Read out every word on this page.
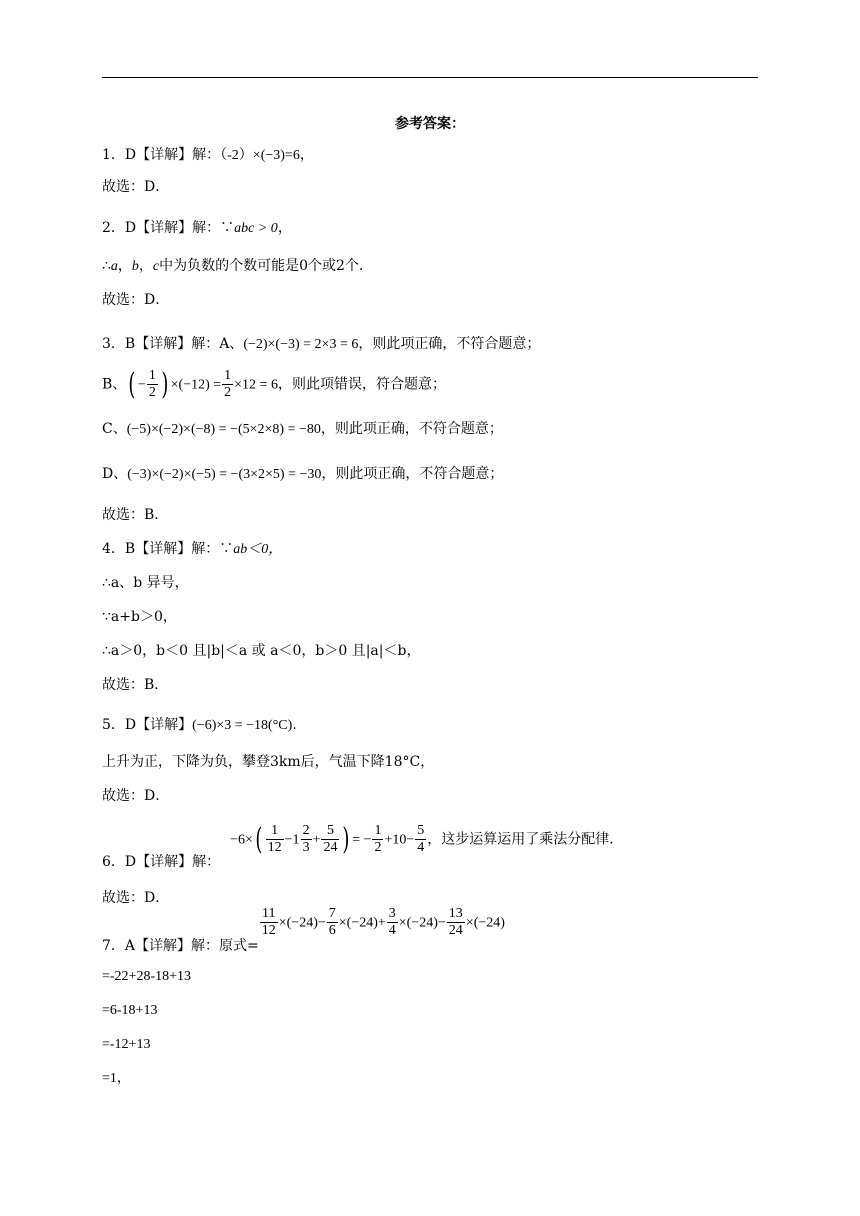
参考答案：
1．D【详解】解：（-2）×(−3)=6，
故选：D．
2．D【详解】解：∵abc > 0，
∴a，b，c中为负数的个数可能是0个或2个．
故选：D．
3．B【详解】解：A、(−2)×(−3) = 2×3 = 6，则此项正确，不符合题意；
B、( − $\frac{1}{2}$ ) $\times(-12) = \frac{1}{2} \times 12 = 6$，则此项错误，符合题意；
C、(−5)×(−2)×(−8) = −(5×2×8) = −80，则此项正确，不符合题意；
D、(−3)×(−2)×(−5) = −(3×2×5) = −30，则此项正确，不符合题意；
故选：B．
4．B【详解】解：∵ab＜0，
∴a、b 异号，
∵a+b＞0，
∴a＞0，b＜0 且|b|＜a 或 a＜0，b＞0 且|a|＜b，
故选：B．
5．D【详解】(−6)×3 = −18(°C).
上升为正，下降为负，攀登3km后，气温下降18°C，
故选：D．
6．D【详解】解：$-6\times( \frac{1}{12} -1 \frac{2}{3} + \frac{5}{24}$ ) = − $\frac{1}{2} +10- \frac{5}{4}$ ，这步运算运用了乘法分配律．
故选：D．
7．A【详解】解：原式=
$\frac{11}{12} \times(-24)- \frac{7}{6} \times(-24)+ \frac{3}{4} \times(-24)- \frac{13}{24} \times(-24)$
=-22+28-18+13
=6-18+13
=-12+13
=1，
